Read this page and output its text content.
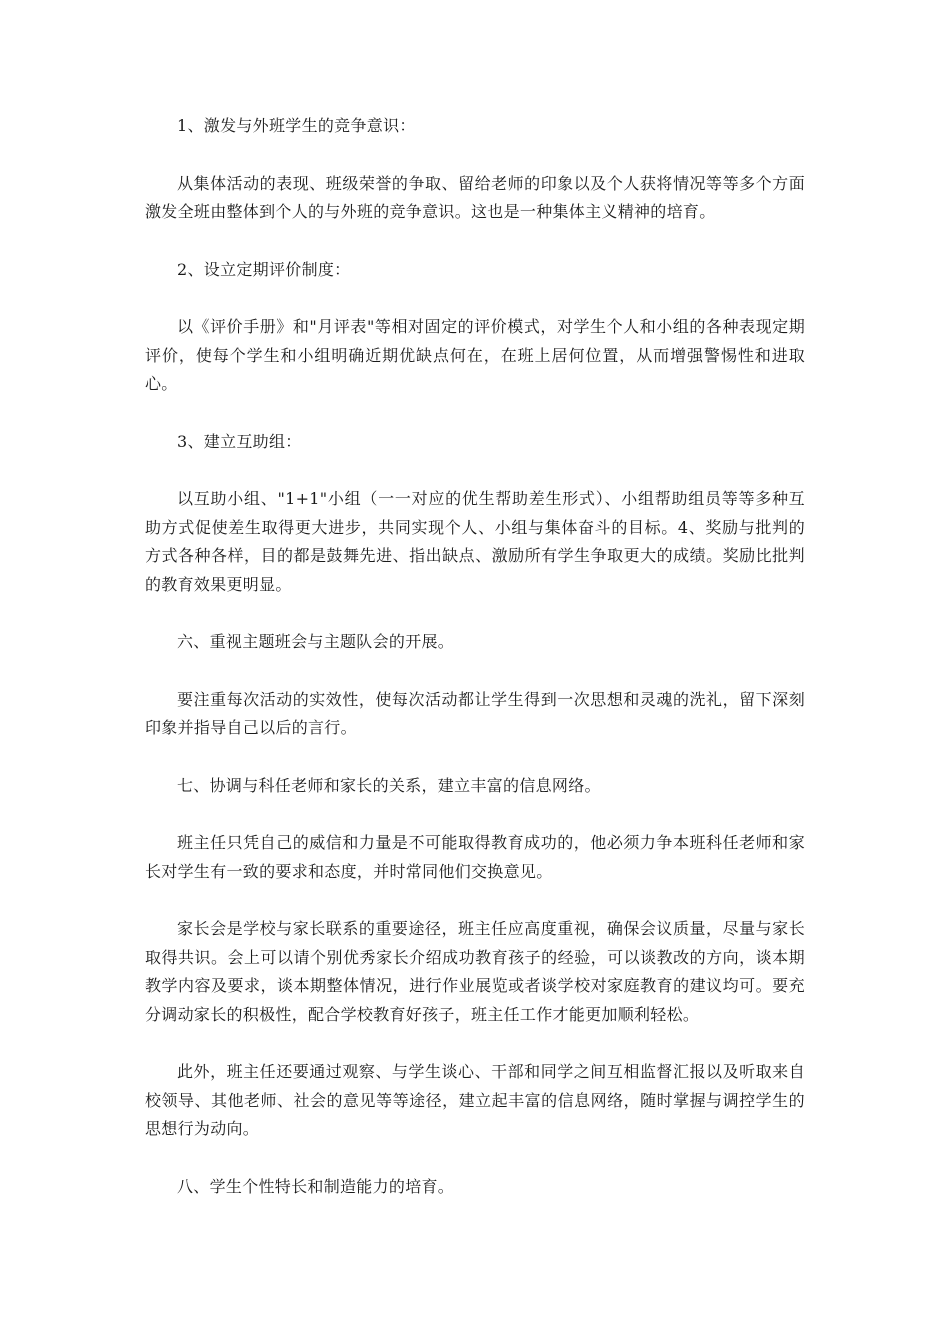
1、激发与外班学生的竞争意识：

从集体活动的表现、班级荣誉的争取、留给老师的印象以及个人获将情况等等多个方面激发全班由整体到个人的与外班的竞争意识。这也是一种集体主义精神的培育。

2、设立定期评价制度：

以《评价手册》和"月评表"等相对固定的评价模式，对学生个人和小组的各种表现定期评价，使每个学生和小组明确近期优缺点何在，在班上居何位置，从而增强警惕性和进取心。

3、建立互助组：

以互助小组、"1+1"小组（一一对应的优生帮助差生形式）、小组帮助组员等等多种互助方式促使差生取得更大进步，共同实现个人、小组与集体奋斗的目标。4、奖励与批判的方式各种各样，目的都是鼓舞先进、指出缺点、激励所有学生争取更大的成绩。奖励比批判的教育效果更明显。

六、重视主题班会与主题队会的开展。

要注重每次活动的实效性，使每次活动都让学生得到一次思想和灵魂的洗礼，留下深刻印象并指导自己以后的言行。

七、协调与科任老师和家长的关系，建立丰富的信息网络。

班主任只凭自己的威信和力量是不可能取得教育成功的，他必须力争本班科任老师和家长对学生有一致的要求和态度，并时常同他们交换意见。

家长会是学校与家长联系的重要途径，班主任应高度重视，确保会议质量，尽量与家长取得共识。会上可以请个别优秀家长介绍成功教育孩子的经验，可以谈教改的方向，谈本期教学内容及要求，谈本期整体情况，进行作业展览或者谈学校对家庭教育的建议均可。要充分调动家长的积极性，配合学校教育好孩子，班主任工作才能更加顺利轻松。

此外，班主任还要通过观察、与学生谈心、干部和同学之间互相监督汇报以及听取来自校领导、其他老师、社会的意见等等途径，建立起丰富的信息网络，随时掌握与调控学生的思想行为动向。

八、学生个性特长和制造能力的培育。
